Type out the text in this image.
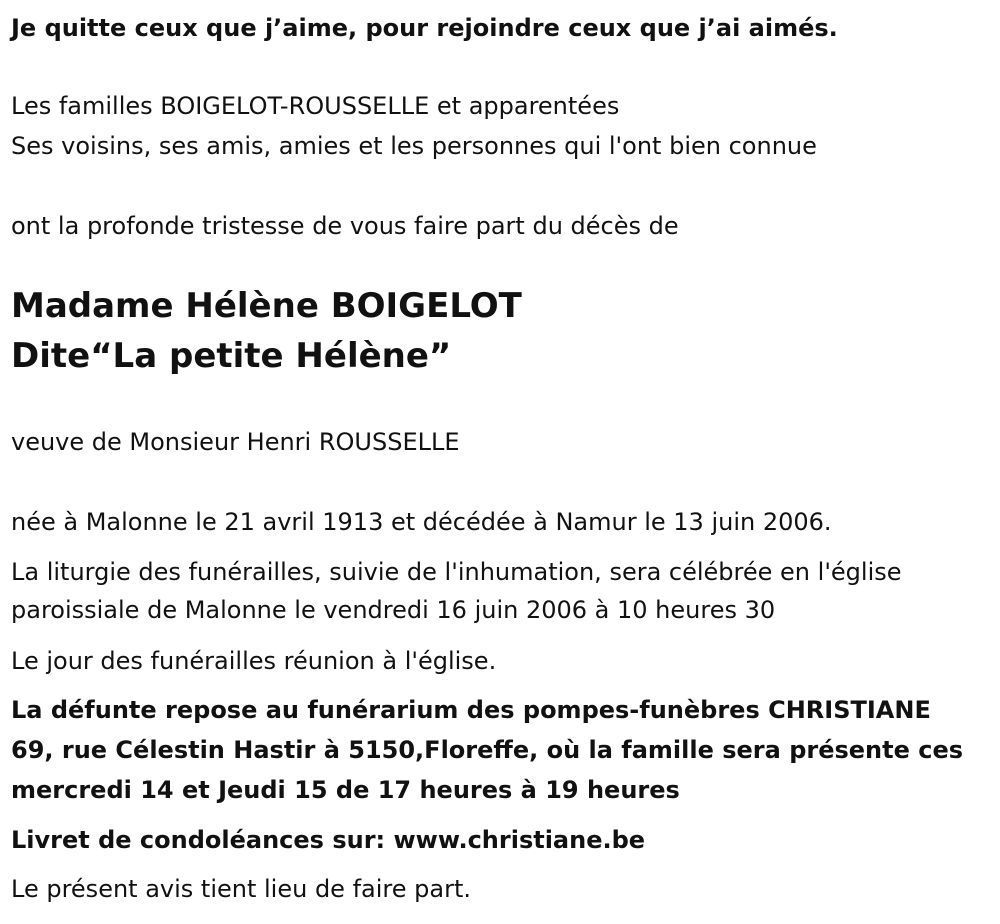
Je quitte ceux que j’aime, pour rejoindre ceux que j’ai aimés.
Les familles BOIGELOT-ROUSSELLE et apparentées
Ses voisins, ses amis, amies et les personnes qui l'ont bien connue
ont la profonde tristesse de vous faire part du décès de
Madame Hélène BOIGELOT
Dite“La petite Hélène”
veuve de Monsieur Henri ROUSSELLE
née à Malonne le 21 avril 1913 et décédée à Namur le 13 juin 2006.
La liturgie des funérailles, suivie de l'inhumation, sera célébrée en l'église
paroissiale de Malonne le vendredi 16 juin 2006 à 10 heures 30
Le jour des funérailles réunion à l'église.
La défunte repose au funérarium des pompes-funèbres CHRISTIANE
69, rue Célestin Hastir à 5150,Floreffe, où la famille sera présente ces
mercredi 14 et Jeudi 15 de 17 heures à 19 heures
Livret de condoléances sur: www.christiane.be
Le présent avis tient lieu de faire part.
